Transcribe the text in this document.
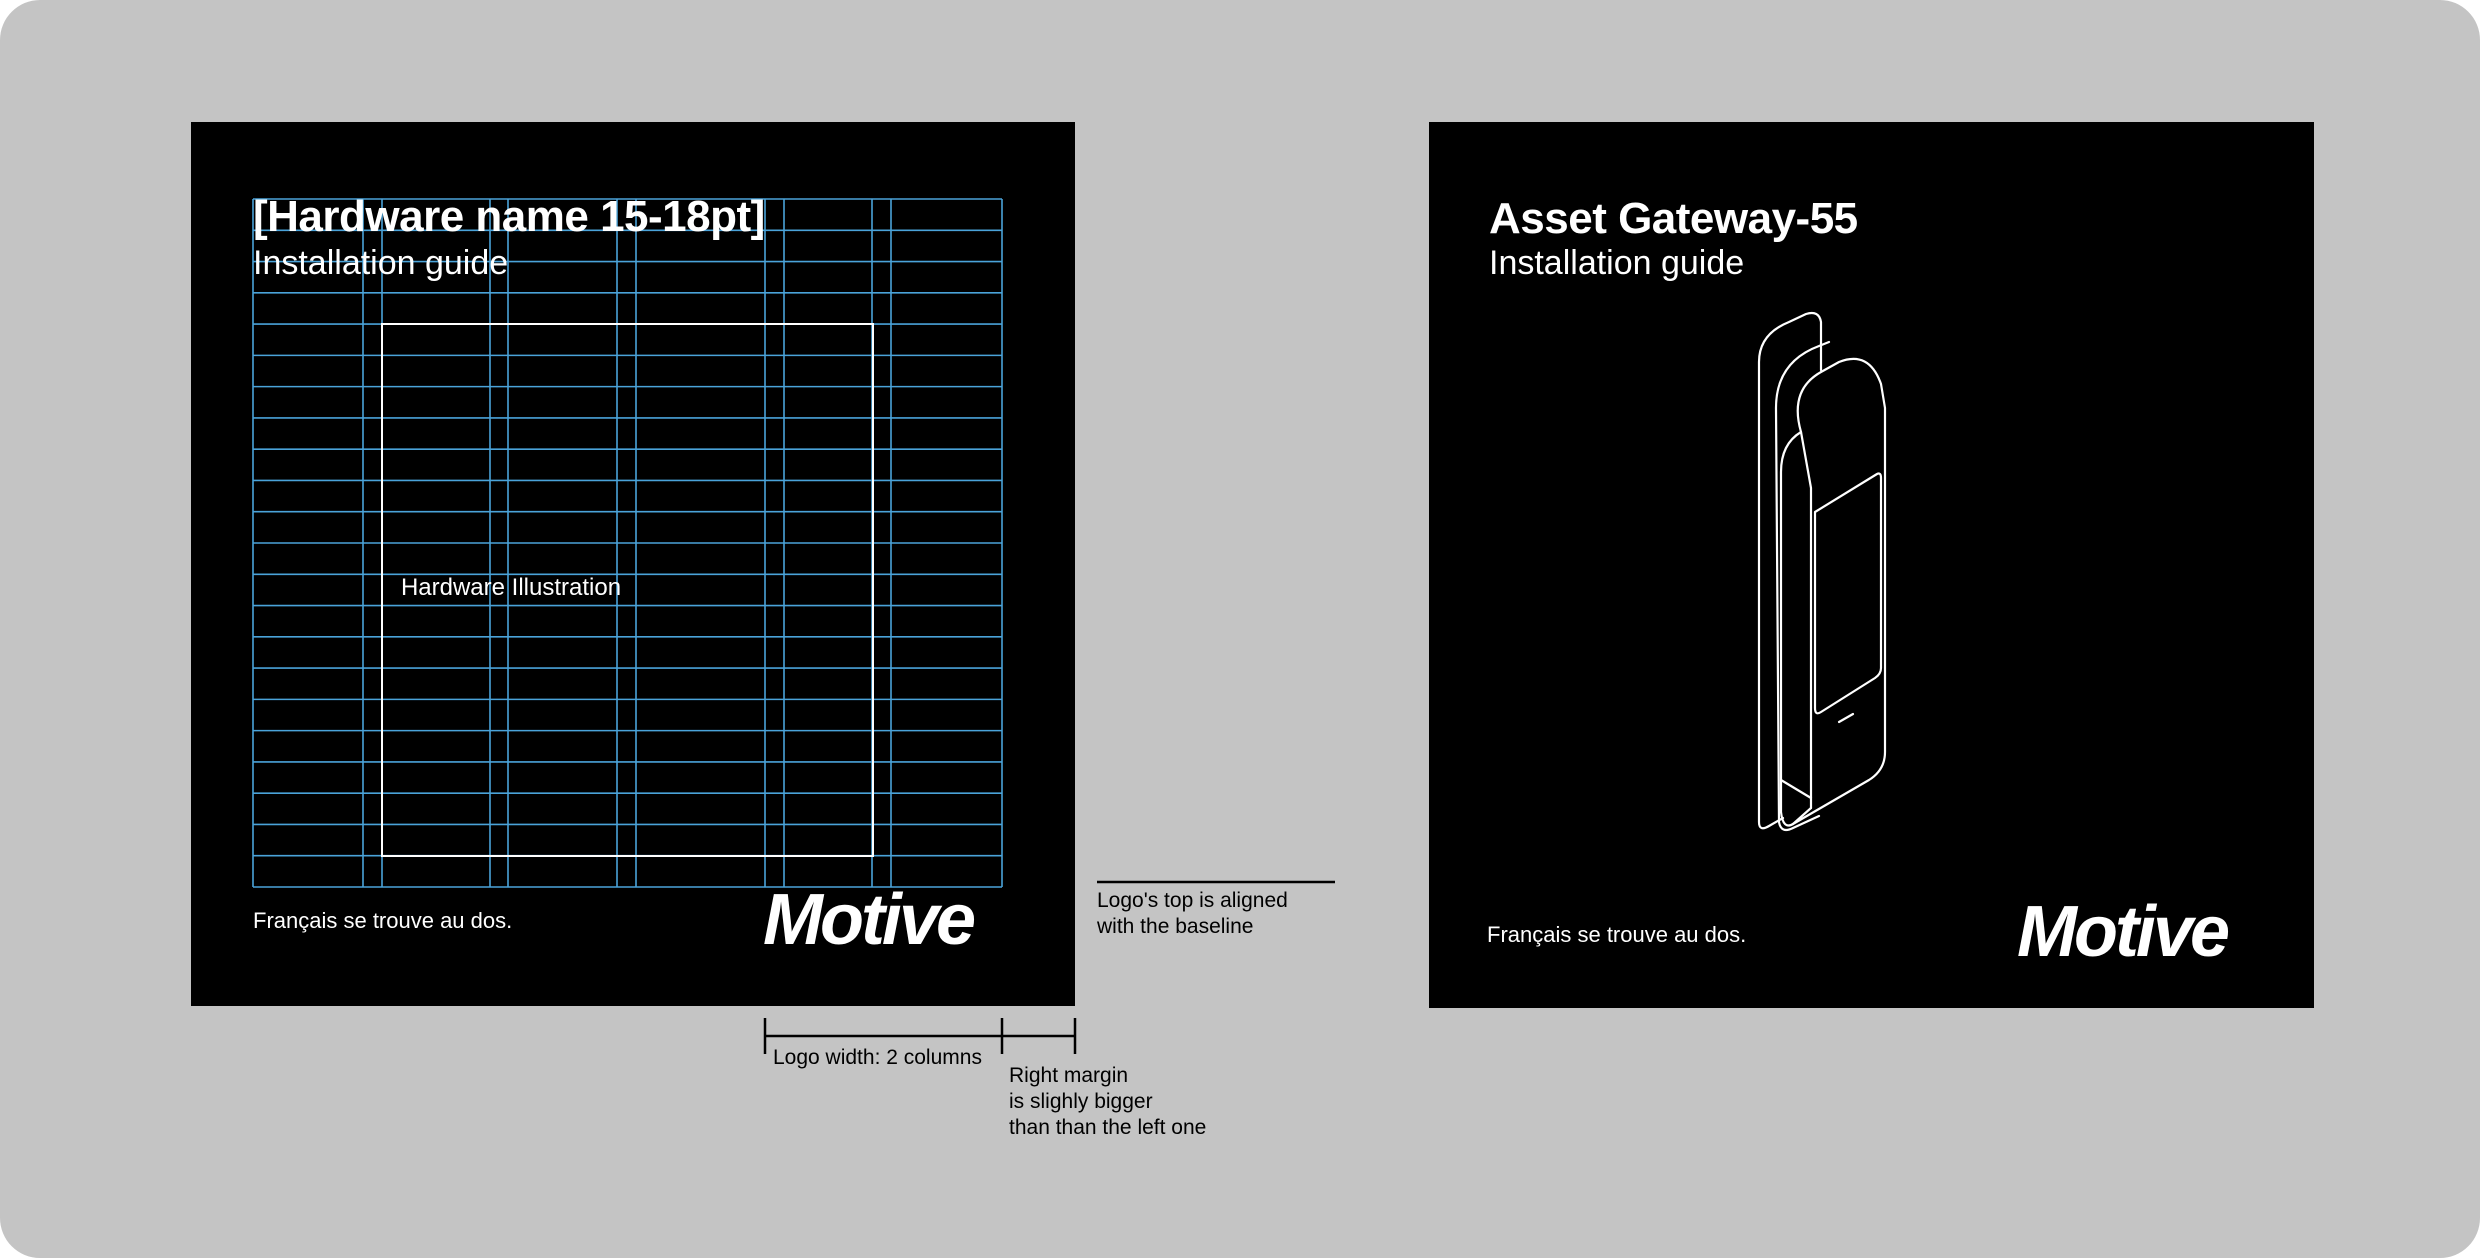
[Hardware name 15-18pt]
Installation guide
Hardware Illustration
Français se trouve au dos.	Motive
Asset Gateway-55
Installation guide
Français se trouve au dos.	Motive
Logo's top is aligned
with the baseline
Logo width: 2 columns
Right margin
is slighly bigger
than than the left one
